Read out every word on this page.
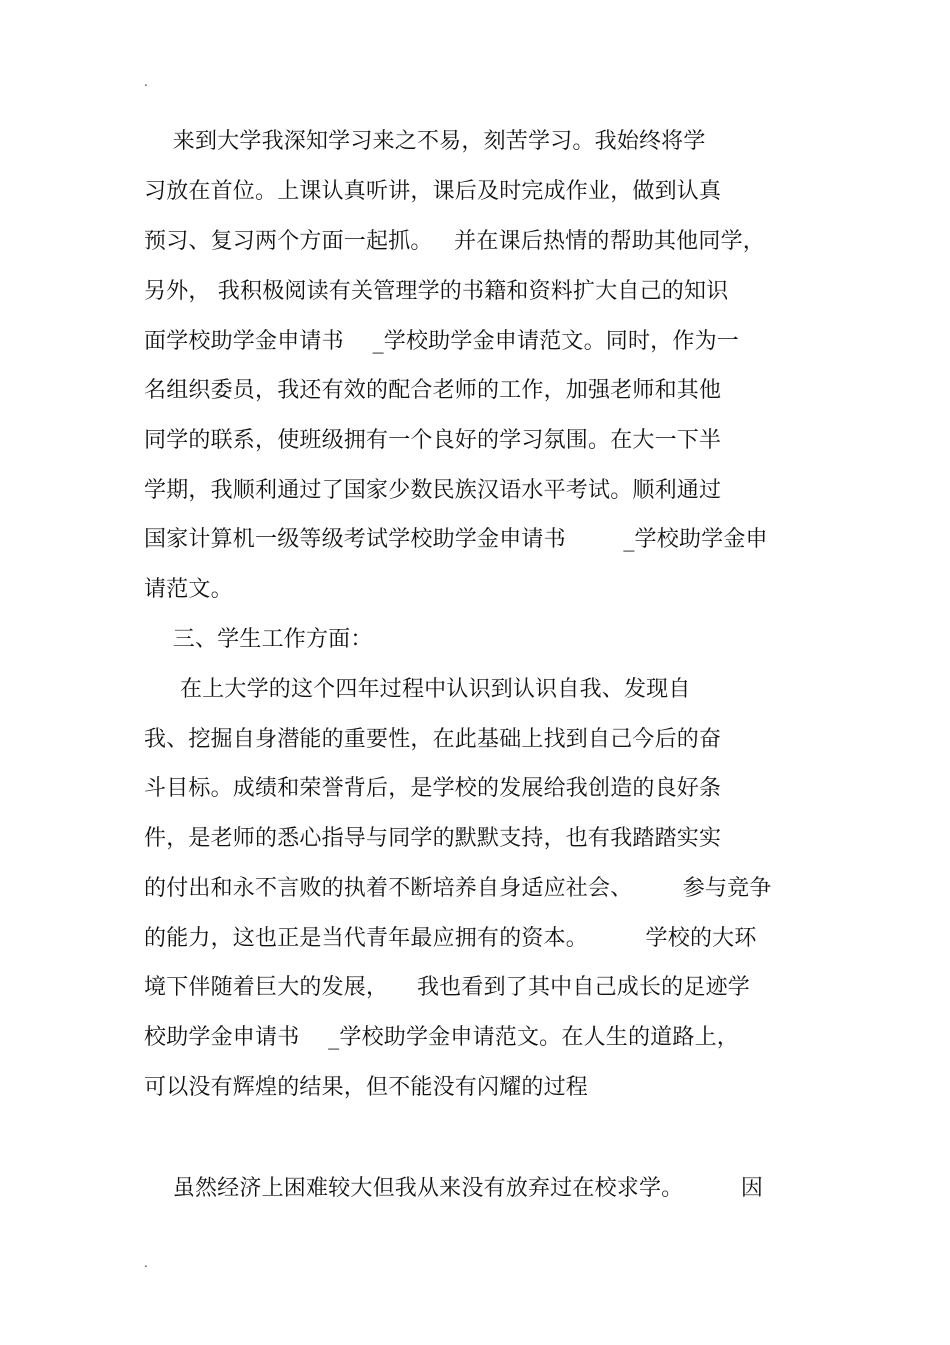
.
来到大学我深知学习来之不易，刻苦学习。我始终将学
习放在首位。上课认真听讲，课后及时完成作业，做到认真
预习、复习两个方面一起抓。   并在课后热情的帮助其他同学，
另外， 我积极阅读有关管理学的书籍和资料扩大自己的知识
面学校助学金申请书    _学校助学金申请范文。同时，作为一
名组织委员，我还有效的配合老师的工作，加强老师和其他
同学的联系，使班级拥有一个良好的学习氛围。在大一下半
学期，我顺利通过了国家少数民族汉语水平考试。顺利通过
国家计算机一级等级考试学校助学金申请书        _学校助学金申
请范文。
三、学生工作方面：
在上大学的这个四年过程中认识到认识自我、发现自
我、挖掘自身潜能的重要性，在此基础上找到自己今后的奋
斗目标。成绩和荣誉背后，是学校的发展给我创造的良好条
件，是老师的悉心指导与同学的默默支持，也有我踏踏实实
的付出和永不言败的执着不断培养自身适应社会、       参与竞争
的能力，这也正是当代青年最应拥有的资本。        学校的大环
境下伴随着巨大的发展，    我也看到了其中自己成长的足迹学
校助学金申请书    _学校助学金申请范文。在人生的道路上，
可以没有辉煌的结果，但不能没有闪耀的过程
虽然经济上困难较大但我从来没有放弃过在校求学。        因
.
